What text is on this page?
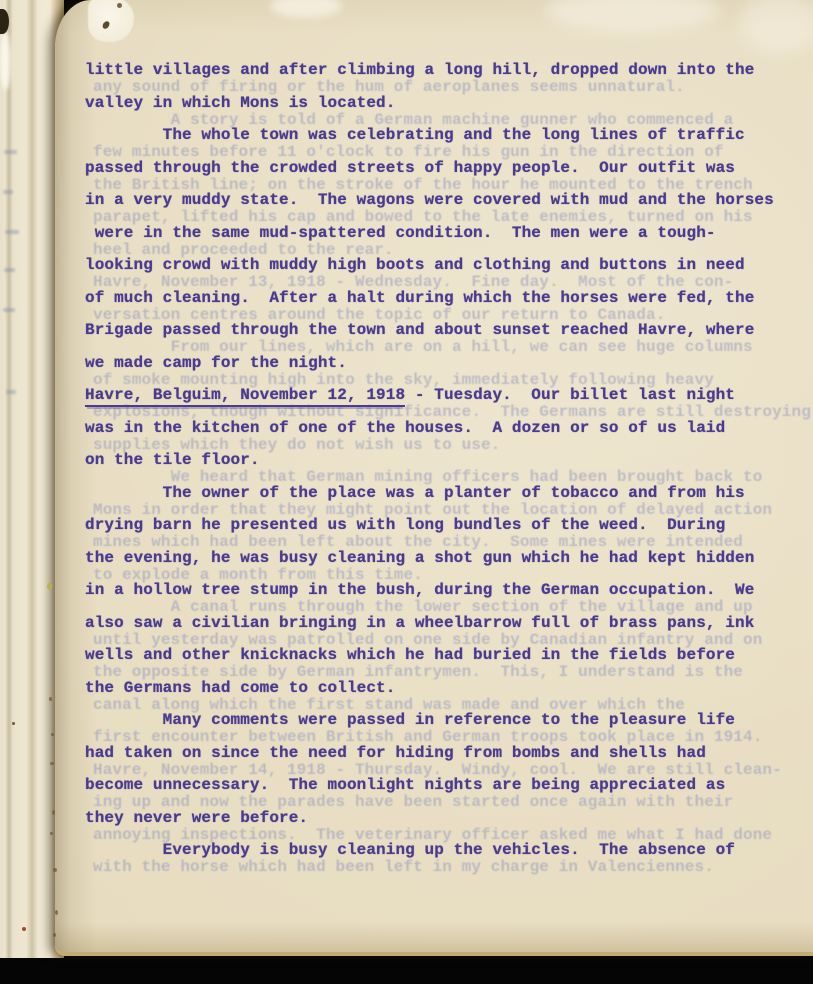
any sound of firing or the hum of aeroplanes seems unnatural.
A story is told of a German machine gunner who commenced a
few minutes before 11 o'clock to fire his gun in the direction of
the British line; on the stroke of the hour he mounted to the trench
parapet, lifted his cap and bowed to the late enemies, turned on his
heel and proceeded to the rear.
Havre, November 13, 1918 - Wednesday.  Fine day.  Most of the con-
versation centres around the topic of our return to Canada.
From our lines, which are on a hill, we can see huge columns
of smoke mounting high into the sky, immediately following heavy
explosions, though without significance.  The Germans are still destroying
supplies which they do not wish us to use.
We heard that German mining officers had been brought back to
Mons in order that they might point out the location of delayed action
mines which had been left about the city.  Some mines were intended
to explode a month from this time.
A canal runs through the lower section of the village and up
until yesterday was patrolled on one side by Canadian infantry and on
the opposite side by German infantrymen.  This, I understand is the
canal along which the first stand was made and over which the
first encounter between British and German troops took place in 1914.
Havre, November 14, 1918 - Thursday.  Windy, cool.  We are still clean-
ing up and now the parades have been started once again with their
annoying inspections.  The veterinary officer asked me what I had done
with the horse which had been left in my charge in Valenciennes.
little villages and after climbing a long hill, dropped down into the
valley in which Mons is located.
The whole town was celebrating and the long lines of traffic
passed through the crowded streets of happy people.  Our outfit was
in a very muddy state.  The wagons were covered with mud and the horses
were in the same mud-spattered condition.  The men were a tough-
looking crowd with muddy high boots and clothing and buttons in need
of much cleaning.  After a halt during which the horses were fed, the
Brigade passed through the town and about sunset reached Havre, where
we made camp for the night.
Havre, Belguim, November 12, 1918 - Tuesday.  Our billet last night
was in the kitchen of one of the houses.  A dozen or so of us laid
on the tile floor.
The owner of the place was a planter of tobacco and from his
drying barn he presented us with long bundles of the weed.  During
the evening, he was busy cleaning a shot gun which he had kept hidden
in a hollow tree stump in the bush, during the German occupation.  We
also saw a civilian bringing in a wheelbarrow full of brass pans, ink
wells and other knicknacks which he had buried in the fields before
the Germans had come to collect.
Many comments were passed in reference to the pleasure life
had taken on since the need for hiding from bombs and shells had
become unnecessary.  The moonlight nights are being appreciated as
they never were before.
Everybody is busy cleaning up the vehicles.  The absence of
